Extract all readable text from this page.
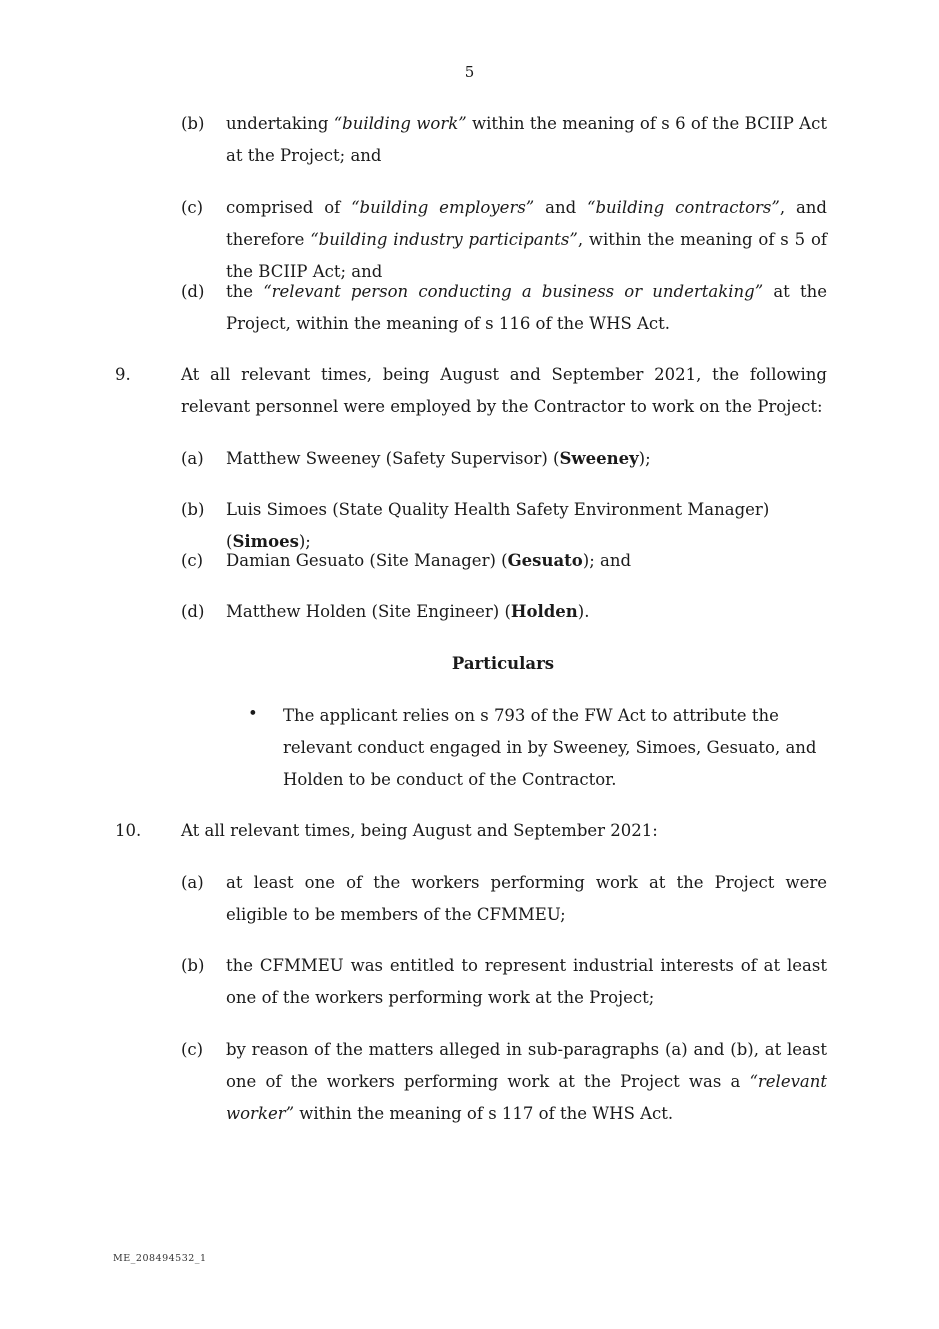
5
(b) undertaking “building work” within the meaning of s 6 of the BCIIP Act at the Project; and
(c) comprised of “building employers” and “building contractors”, and therefore “building industry participants”, within the meaning of s 5 of the BCIIP Act; and
(d) the “relevant person conducting a business or undertaking” at the Project, within the meaning of s 116 of the WHS Act.
9.	At all relevant times, being August and September 2021, the following relevant personnel were employed by the Contractor to work on the Project:
(a) Matthew Sweeney (Safety Supervisor) (Sweeney);
(b) Luis Simoes (State Quality Health Safety Environment Manager) (Simoes);
(c) Damian Gesuato (Site Manager) (Gesuato); and
(d) Matthew Holden (Site Engineer) (Holden).
Particulars
• The applicant relies on s 793 of the FW Act to attribute the relevant conduct engaged in by Sweeney, Simoes, Gesuato, and Holden to be conduct of the Contractor.
10. At all relevant times, being August and September 2021:
(a) at least one of the workers performing work at the Project were eligible to be members of the CFMMEU;
(b) the CFMMEU was entitled to represent industrial interests of at least one of the workers performing work at the Project;
(c) by reason of the matters alleged in sub-paragraphs (a) and (b), at least one of the workers performing work at the Project was a “relevant worker” within the meaning of s 117 of the WHS Act.
ME_208494532_1
